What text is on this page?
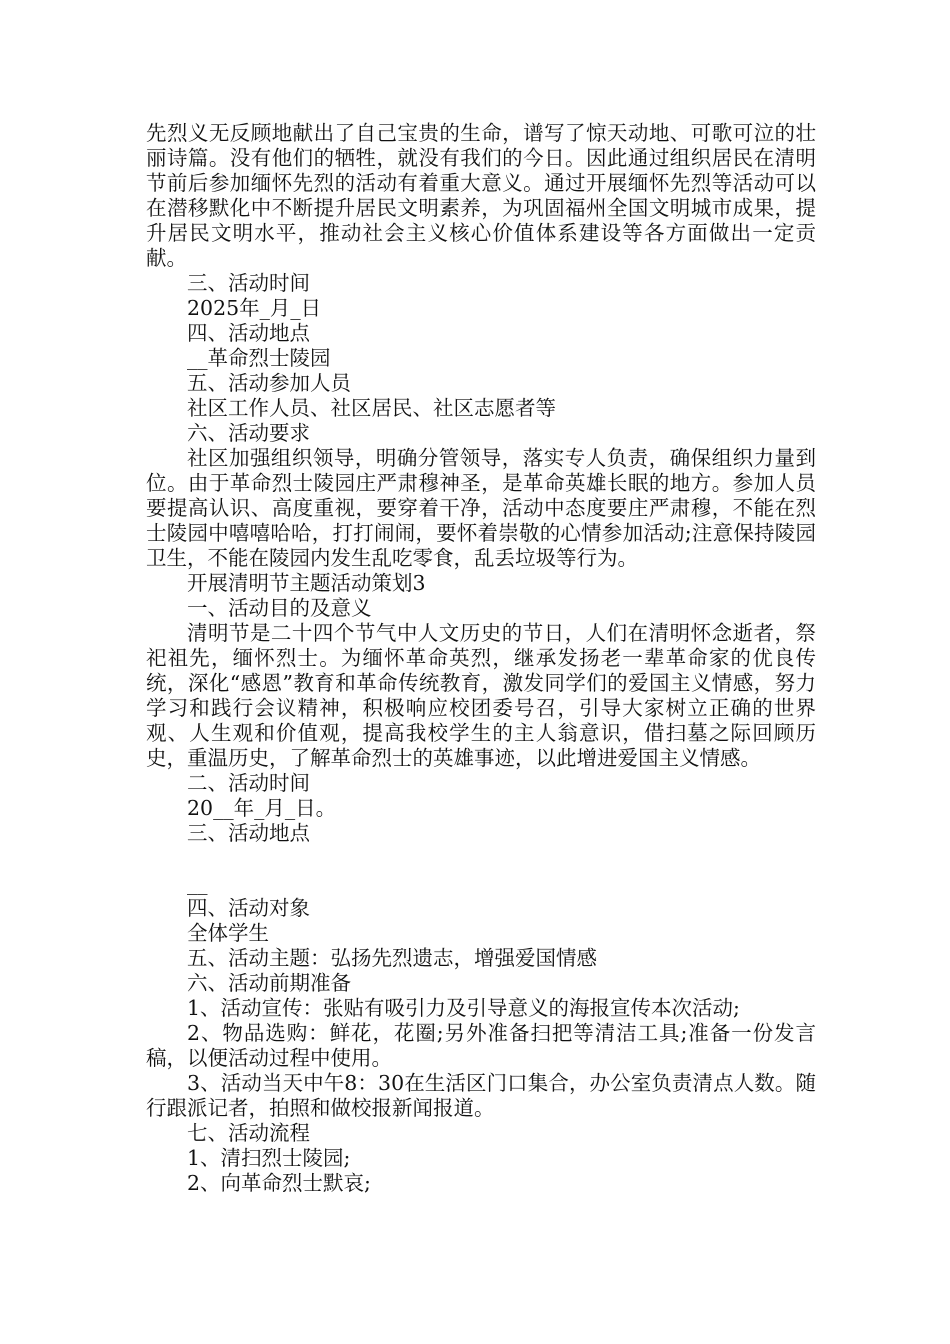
先烈义无反顾地献出了自己宝贵的生命，谱写了惊天动地、可歌可泣的壮丽诗篇。没有他们的牺牲，就没有我们的今日。因此通过组织居民在清明节前后参加缅怀先烈的活动有着重大意义。通过开展缅怀先烈等活动可以在潜移默化中不断提升居民文明素养，为巩固福州全国文明城市成果，提升居民文明水平，推动社会主义核心价值体系建设等各方面做出一定贡献。

三、活动时间

2025年_月_日

四、活动地点

__革命烈士陵园

五、活动参加人员

社区工作人员、社区居民、社区志愿者等

六、活动要求

社区加强组织领导，明确分管领导，落实专人负责，确保组织力量到位。由于革命烈士陵园庄严肃穆神圣，是革命英雄长眠的地方。参加人员要提高认识、高度重视，要穿着干净，活动中态度要庄严肃穆，不能在烈士陵园中嘻嘻哈哈，打打闹闹，要怀着崇敬的心情参加活动;注意保持陵园卫生，不能在陵园内发生乱吃零食，乱丢垃圾等行为。

开展清明节主题活动策划3

一、活动目的及意义

清明节是二十四个节气中人文历史的节日，人们在清明怀念逝者，祭祀祖先，缅怀烈士。为缅怀革命英烈，继承发扬老一辈革命家的优良传统，深化“感恩”教育和革命传统教育，激发同学们的爱国主义情感，努力学习和践行会议精神，积极响应校团委号召，引导大家树立正确的世界观、人生观和价值观，提高我校学生的主人翁意识，借扫墓之际回顾历史，重温历史，了解革命烈士的英雄事迹，以此增进爱国主义情感。

二、活动时间

20__年_月_日。

三、活动地点

__

四、活动对象

全体学生

五、活动主题：弘扬先烈遗志，增强爱国情感

六、活动前期准备

1、活动宣传：张贴有吸引力及引导意义的海报宣传本次活动;

2、物品选购：鲜花，花圈;另外准备扫把等清洁工具;准备一份发言稿，以便活动过程中使用。

3、活动当天中午8：30在生活区门口集合，办公室负责清点人数。随行跟派记者，拍照和做校报新闻报道。

七、活动流程

1、清扫烈士陵园;

2、向革命烈士默哀;
